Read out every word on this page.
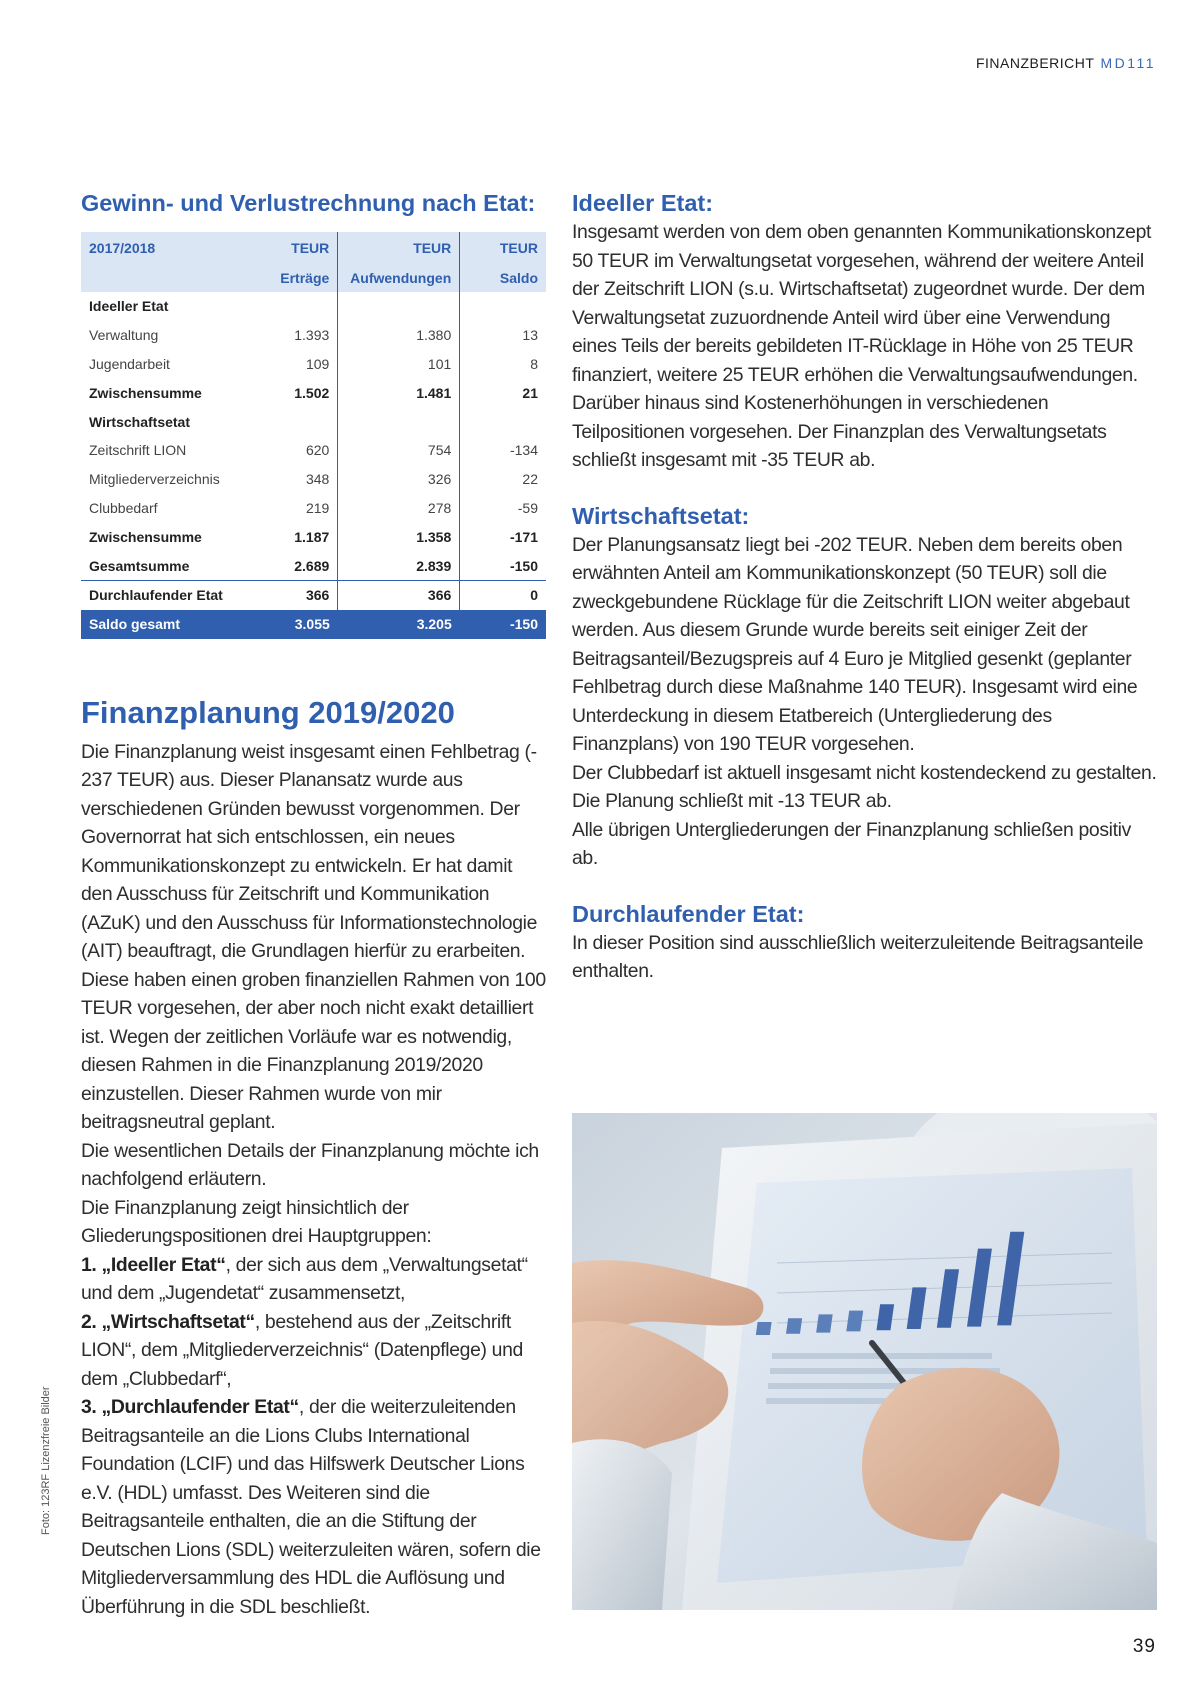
FINANZBERICHT MD111
Foto: 123RF Lizenzfreie Bilder
Gewinn- und Verlustrechnung nach Etat:
2017/2018	TEUR	TEUR	TEUR
	Erträge	Aufwendungen	Saldo
Ideeller Etat			
Verwaltung	1.393	1.380	13
Jugendarbeit	109	101	8
Zwischensumme	1.502	1.481	21
Wirtschaftsetat			
Zeitschrift LION	620	754	-134
Mitgliederverzeichnis	348	326	22
Clubbedarf	219	278	-59
Zwischensumme	1.187	1.358	-171
Gesamtsumme	2.689	2.839	-150
Durchlaufender Etat	366	366	0
Saldo gesamt	3.055	3.205	-150
Finanzplanung 2019/2020

Die Finanzplanung weist insgesamt einen Fehlbetrag (- 237 TEUR) aus. Dieser Planansatz wurde aus verschiedenen Gründen bewusst vorgenommen. Der Governorrat hat sich entschlossen, ein neues Kommunikationskonzept zu entwickeln. Er hat damit den Ausschuss für Zeitschrift und Kommunikation (AZuK) und den Ausschuss für Informationstechnologie (AIT) beauftragt, die Grundlagen hierfür zu erarbeiten. Diese haben einen groben finanziellen Rahmen von 100 TEUR vorgesehen, der aber noch nicht exakt detailliert ist. Wegen der zeitlichen Vorläufe war es notwendig, diesen Rahmen in die Finanzplanung 2019/2020 einzustellen. Dieser Rahmen wurde von mir beitragsneutral geplant.

Die wesentlichen Details der Finanzplanung möchte ich nachfolgend erläutern.

Die Finanzplanung zeigt hinsichtlich der Gliederungspositionen drei Hauptgruppen:

1. „Ideeller Etat“, der sich aus dem „Verwaltungsetat“ und dem „Jugendetat“ zusammensetzt,

2. „Wirtschaftsetat“, bestehend aus der „Zeitschrift LION“, dem „Mitgliederverzeichnis“ (Datenpflege) und dem „Clubbedarf“,

3. „Durchlaufender Etat“, der die weiterzuleitenden Beitragsanteile an die Lions Clubs International Foundation (LCIF) und das Hilfswerk Deutscher Lions e.V. (HDL) umfasst. Des Weiteren sind die Beitragsanteile enthalten, die an die Stiftung der Deutschen Lions (SDL) weiterzuleiten wären, sofern die Mitgliederversammlung des HDL die Auflösung und Überführung in die SDL beschließt.

Ideeller Etat:

Insgesamt werden von dem oben genannten Kommunikationskonzept 50 TEUR im Verwaltungsetat vorgesehen, während der weitere Anteil der Zeitschrift LION (s.u. Wirtschaftsetat) zugeordnet wurde. Der dem Verwaltungsetat zuzuordnende Anteil wird über eine Verwendung eines Teils der bereits gebildeten IT-Rücklage in Höhe von 25 TEUR finanziert, weitere 25 TEUR erhöhen die Verwaltungsaufwendungen. Darüber hinaus sind Kostenerhöhungen in verschiedenen Teilpositionen vorgesehen. Der Finanzplan des Verwaltungsetats schließt insgesamt mit -35 TEUR ab.

Wirtschaftsetat:

Der Planungsansatz liegt bei -202 TEUR. Neben dem bereits oben erwähnten Anteil am Kommunikationskonzept (50 TEUR) soll die zweckgebundene Rücklage für die Zeitschrift LION weiter abgebaut werden. Aus diesem Grunde wurde bereits seit einiger Zeit der Beitragsanteil/Bezugspreis auf 4 Euro je Mitglied gesenkt (geplanter Fehlbetrag durch diese Maßnahme 140 TEUR). Insgesamt wird eine Unterdeckung in diesem Etatbereich (Untergliederung des Finanzplans) von 190 TEUR vorgesehen.

Der Clubbedarf ist aktuell insgesamt nicht kostendeckend zu gestalten. Die Planung schließt mit -13 TEUR ab.

Alle übrigen Untergliederungen der Finanzplanung schließen positiv ab.

Durchlaufender Etat:

In dieser Position sind ausschließlich weiterzuleitende Beitragsanteile enthalten.

39
